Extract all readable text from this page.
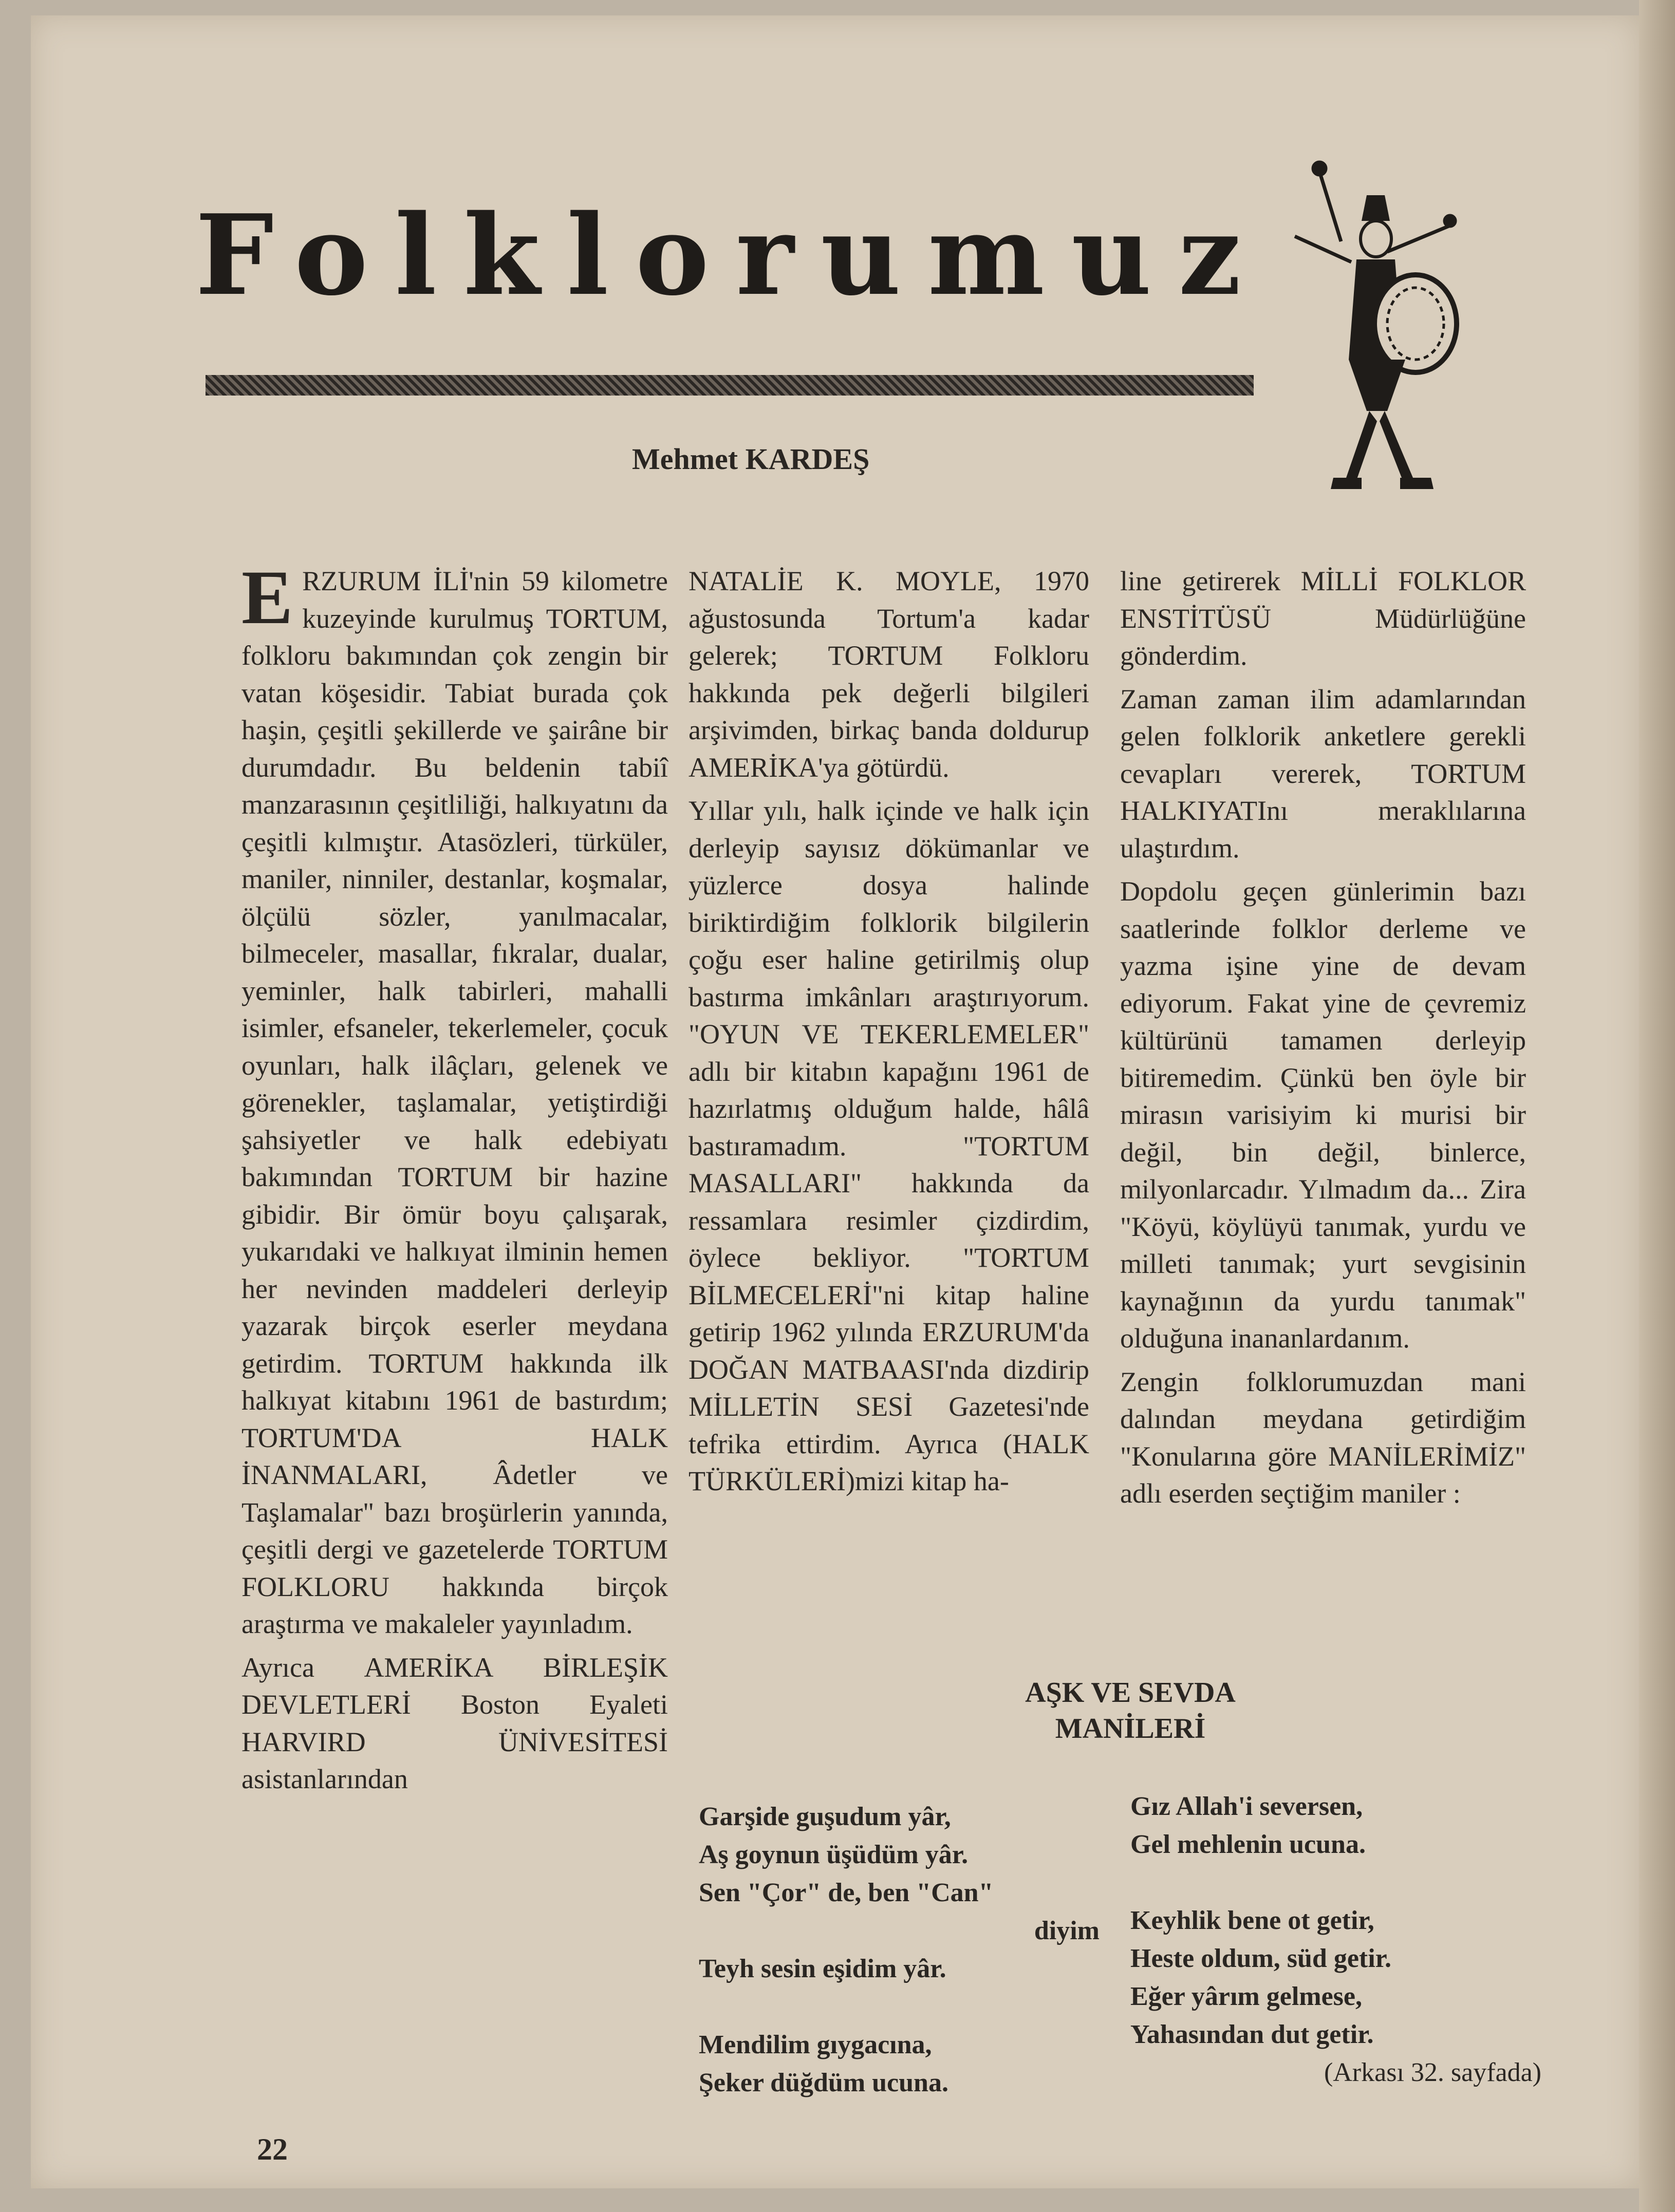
Folklorumuz
Mehmet KARDEŞ

E RZURUM İLİ'nin 59 kilometre kuzeyinde kurulmuş TORTUM, folkloru bakımından çok zengin bir vatan köşesidir. Tabiat burada çok haşin, çeşitli şekillerde ve şairâne bir durumdadır. Bu beldenin tabiî manzarasının çeşitliliği, halkıyatını da çeşitli kılmıştır. Atasözleri, türküler, maniler, ninniler, destanlar, koşmalar, ölçülü sözler, yanılmacalar, bilmeceler, masallar, fıkralar, dualar, yeminler, halk tabirleri, mahalli isimler, efsaneler, tekerlemeler, çocuk oyunları, halk ilâçları, gelenek ve görenekler, taşlamalar, yetiştirdiği şahsiyetler ve halk edebiyatı bakımından TORTUM bir hazine gibidir. Bir ömür boyu çalışarak, yukarıdaki ve halkıyat ilminin hemen her nevinden maddeleri derleyip yazarak birçok eserler meydana getirdim. TORTUM hakkında ilk halkıyat kitabını 1961 de bastırdım; TORTUM'DA HALK İNANMALARI, Âdetler ve Taşlamalar" bazı broşürlerin yanında, çeşitli dergi ve gazetelerde TORTUM FOLKLORU hakkında birçok araştırma ve makaleler yayınladım.

Ayrıca AMERİKA BİRLEŞİK DEVLETLERİ Boston Eyaleti HARVIRD ÜNİVESİTESİ asistanlarından

NATALİE K. MOYLE, 1970 ağustosunda Tortum'a kadar gelerek; TORTUM Folkloru hakkında pek değerli bilgileri arşivimden, birkaç banda doldurup AMERİKA'ya götürdü.

Yıllar yılı, halk içinde ve halk için derleyip sayısız dökümanlar ve yüzlerce dosya halinde biriktirdiğim folklorik bilgilerin çoğu eser haline getirilmiş olup bastırma imkânları araştırıyorum. "OYUN VE TEKERLEMELER" adlı bir kitabın kapağını 1961 de hazırlatmış olduğum halde, hâlâ bastıramadım. "TORTUM MASALLARI" hakkında da ressamlara resimler çizdirdim, öylece bekliyor. "TORTUM BİLMECELERİ"ni kitap haline getirip 1962 yılında ERZURUM'da DOĞAN MATBAASI'nda dizdirip MİLLETİN SESİ Gazetesi'nde tefrika ettirdim. Ayrıca (HALK TÜRKÜLERİ)mizi kitap ha-

line getirerek MİLLİ FOLKLOR ENSTİTÜSÜ Müdürlüğüne gönderdim.

Zaman zaman ilim adamlarından gelen folklorik anketlere gerekli cevapları vererek, TORTUM HALKIYATInı meraklılarına ulaştırdım.

Dopdolu geçen günlerimin bazı saatlerinde folklor derleme ve yazma işine yine de devam ediyorum. Fakat yine de çevremiz kültürünü tamamen derleyip bitiremedim. Çünkü ben öyle bir mirasın varisiyim ki murisi bir değil, bin değil, binlerce, milyonlarcadır. Yılmadım da... Zira "Köyü, köylüyü tanımak, yurdu ve milleti tanımak; yurt sevgisinin kaynağının da yurdu tanımak" olduğuna inananlardanım.

Zengin folklorumuzdan mani dalından meydana getirdiğim "Konularına göre MANİLERİMİZ" adlı eserden seçtiğim maniler :

AŞK VE SEVDA
MANİLERİ
Garşide guşudum yâr,
Aş goynun üşüdüm yâr.
Sen "Çor" de, ben "Can"
diyim
Teyh sesin eşidim yâr.
Mendilim gıygacına,
Şeker düğdüm ucuna.
Gız Allah'i seversen,
Gel mehlenin ucuna.
Keyhlik bene ot getir,
Heste oldum, süd getir.
Eğer yârım gelmese,
Yahasından dut getir.
(Arkası 32. sayfada)
22
